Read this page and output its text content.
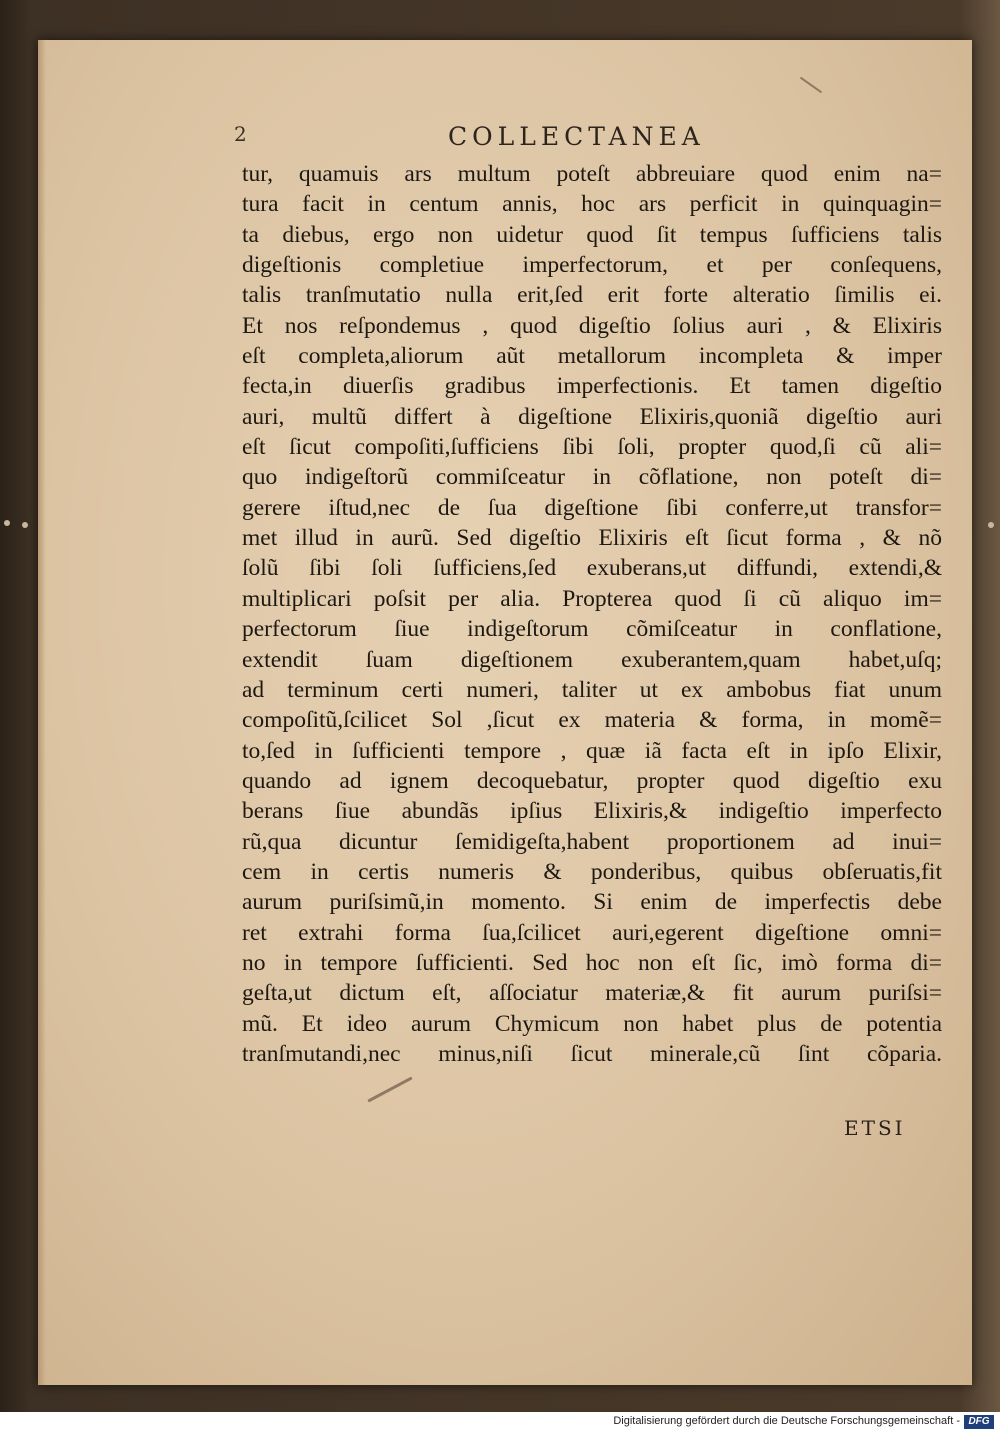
2	COLLECTANEA
tur, quamuis ars multum poteſt abbreuiare quod enim na=
tura facit in centum annis, hoc ars perficit in quinquagin=
ta diebus, ergo non uidetur quod ſit tempus ſufficiens talis
digeſtionis completiue imperfectorum, et per conſequens,
talis tranſmutatio nulla erit,ſed erit forte alteratio ſimilis ei.
Et nos reſpondemus , quod digeſtio ſolius auri , & Elixiris
eſt completa,aliorum aũt metallorum incompleta & imper
fecta,in diuerſis gradibus imperfectionis. Et tamen digeſtio
auri, multũ differt à digeſtione Elixiris,quoniã digeſtio auri
eſt ſicut compoſiti,ſufficiens ſibi ſoli, propter quod,ſi cũ ali=
quo indigeſtorũ commiſceatur in cõflatione, non poteſt di=
gerere iſtud,nec de ſua digeſtione ſibi conferre,ut transfor=
met illud in aurũ. Sed digeſtio Elixiris eſt ſicut forma , & nõ
ſolũ ſibi ſoli ſufficiens,ſed exuberans,ut diffundi, extendi,&
multiplicari poſsit per alia. Propterea quod ſi cũ aliquo im=
perfectorum ſiue indigeſtorum cõmiſceatur in conflatione,
extendit ſuam digeſtionem exuberantem,quam habet,uſq;
ad terminum certi numeri, taliter ut ex ambobus fiat unum
compoſitũ,ſcilicet Sol ,ſicut ex materia & forma, in momẽ=
to,ſed in ſufficienti tempore , quæ iã facta eſt in ipſo Elixir,
quando ad ignem decoquebatur, propter quod digeſtio exu
berans ſiue abundãs ipſius Elixiris,& indigeſtio imperfecto
rũ,qua dicuntur ſemidigeſta,habent proportionem ad inui=
cem in certis numeris & ponderibus, quibus obſeruatis,fit
aurum puriſsimũ,in momento. Si enim de imperfectis debe
ret extrahi forma ſua,ſcilicet auri,egerent digeſtione omni=
no in tempore ſufficienti. Sed hoc non eſt ſic, imò forma di=
geſta,ut dictum eſt, aſſociatur materiæ,& fit aurum puriſsi=
mũ. Et ideo aurum Chymicum non habet plus de potentia
tranſmutandi,nec minus,niſi ſicut minerale,cũ ſint cõparia.
ETSI
Digitalisierung gefördert durch die Deutsche Forschungsgemeinschaft - DFG
